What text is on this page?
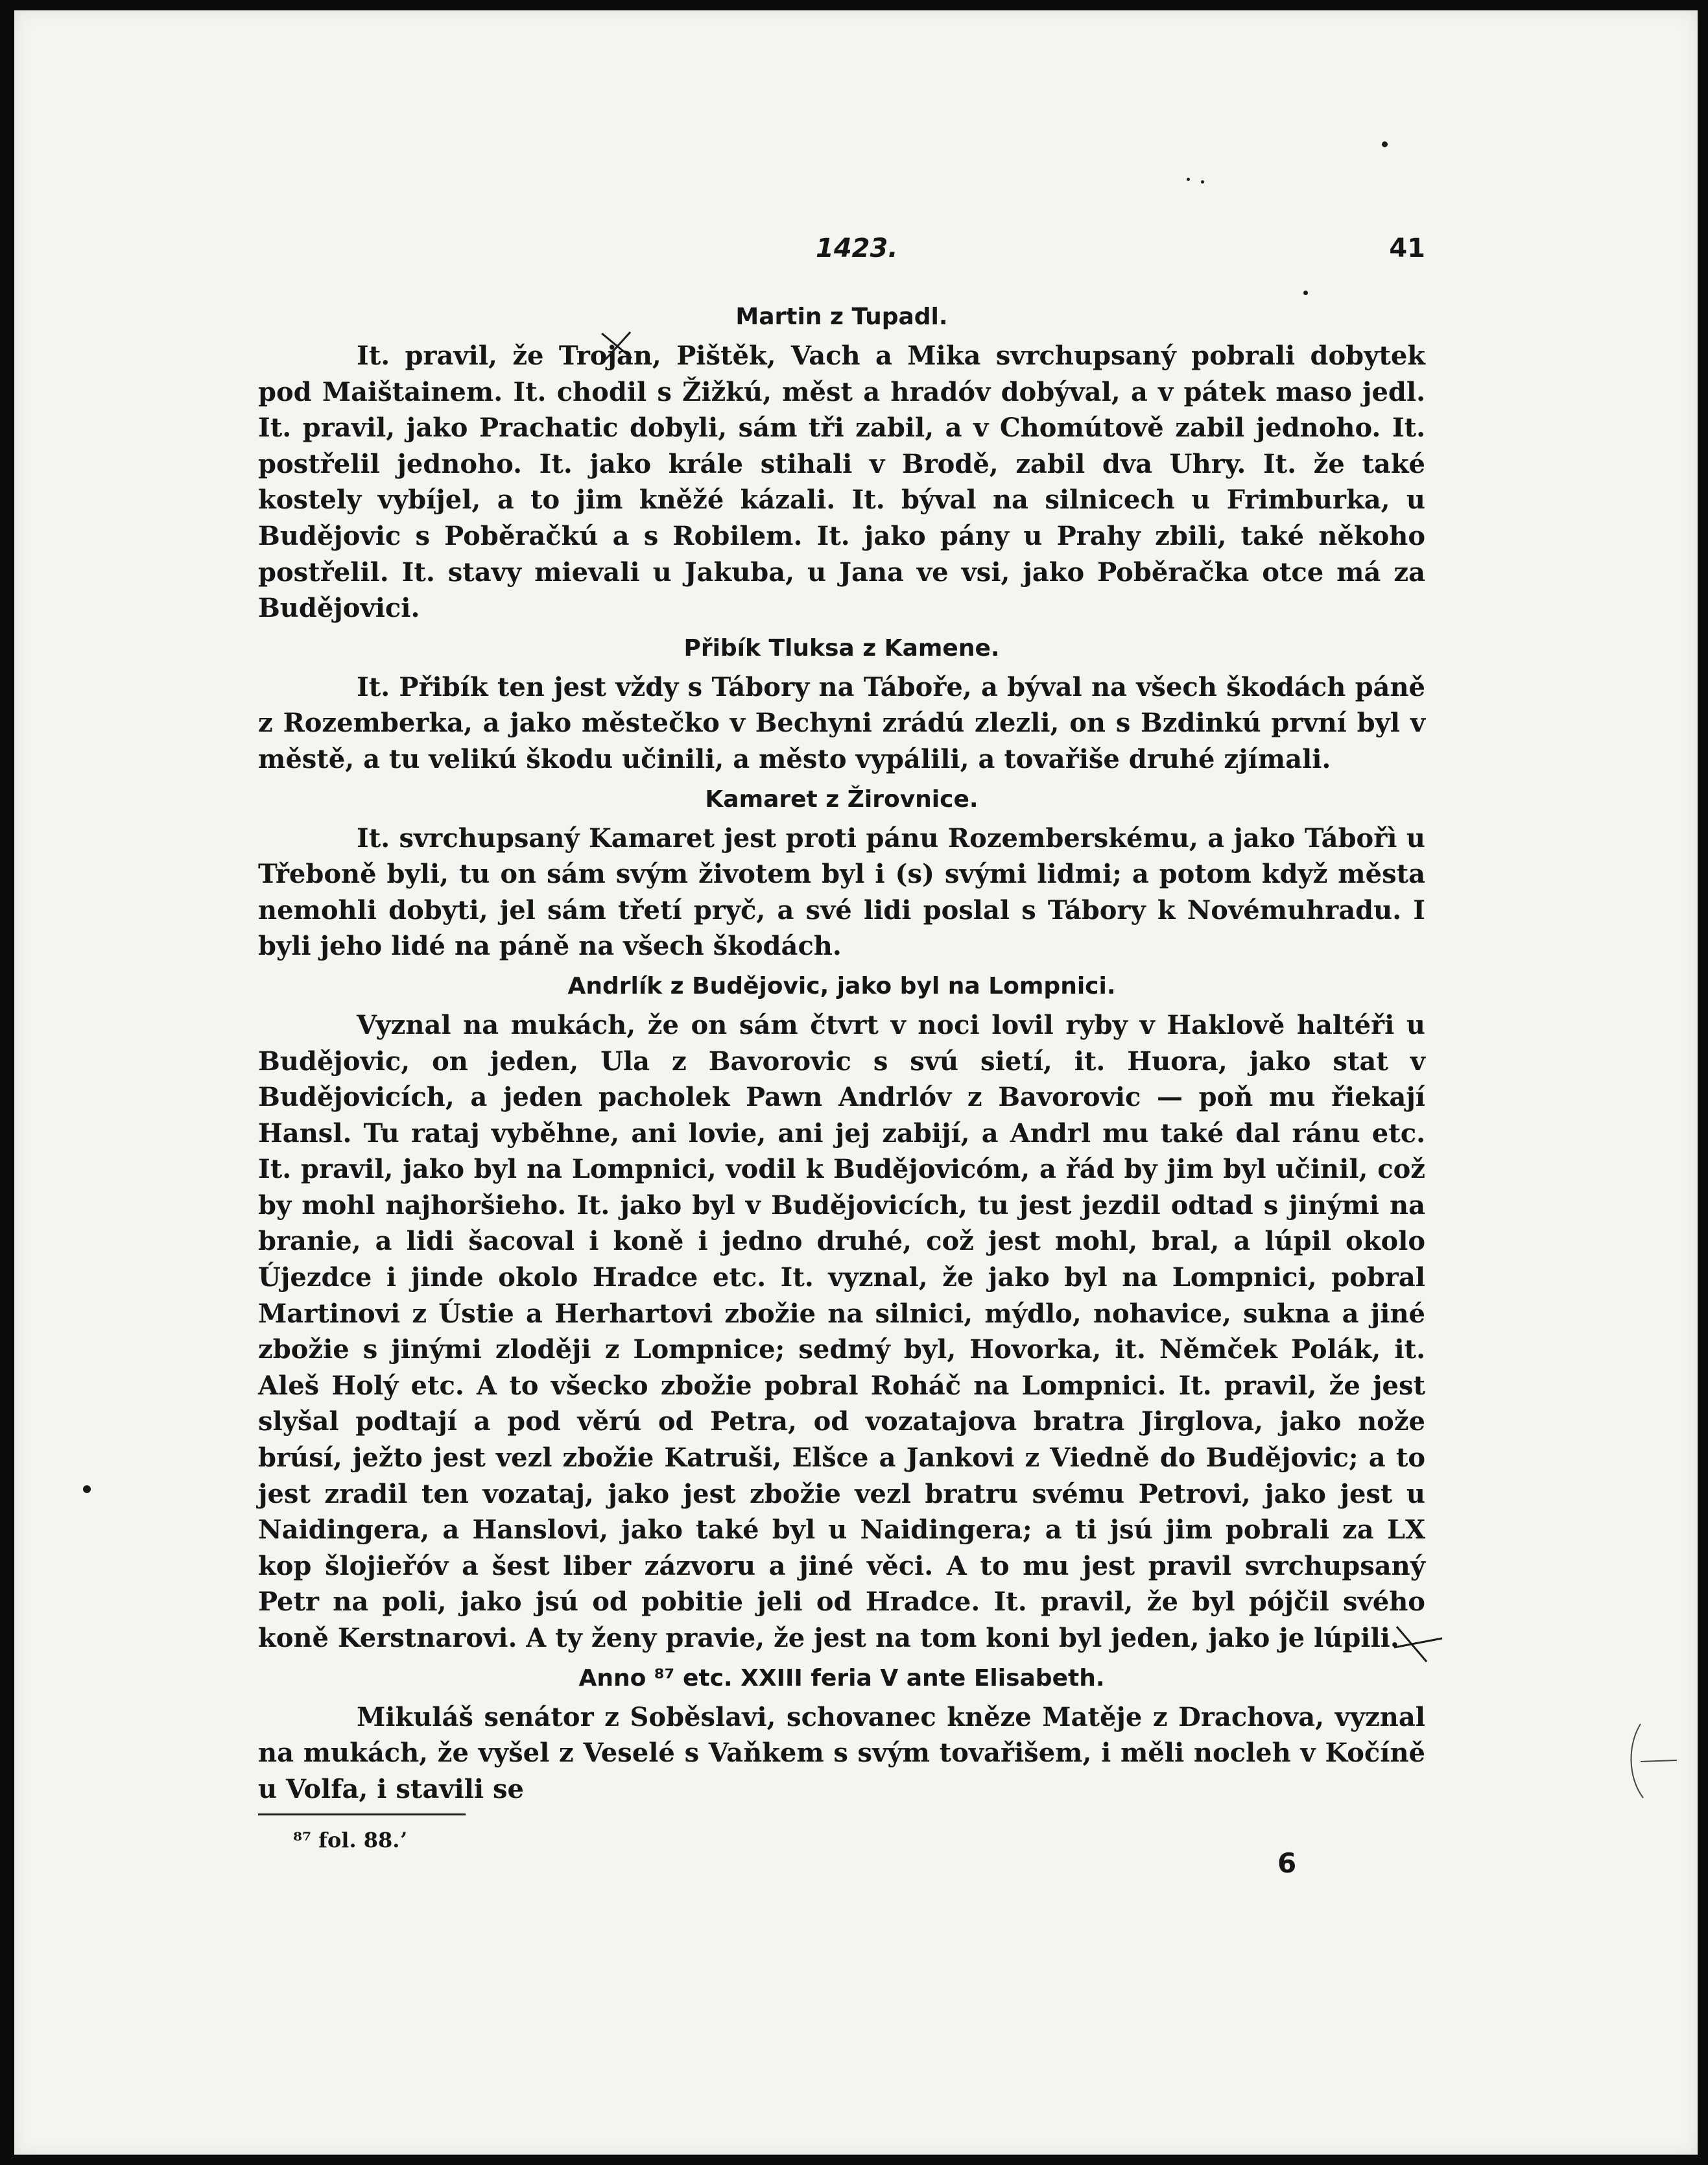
1423.	41
Martin z Tupadl.

It. pravil, že Trojan, Pištěk, Vach a Mika svrchupsaný pobrali dobytek pod Maištainem. It. chodil s Žižkú, měst a hradóv dobýval, a v pátek maso jedl. It. pravil, jako Prachatic dobyli, sám tři zabil, a v Chomútově zabil jednoho. It. postřelil jednoho. It. jako krále stihali v Brodě, zabil dva Uhry. It. že také kostely vybíjel, a to jim kněžé kázali. It. býval na silnicech u Frimburka, u Budějovic s Poběračkú a s Robilem. It. jako pány u Prahy zbili, také někoho postřelil. It. stavy mievali u Jakuba, u Jana ve vsi, jako Poběračka otce má za Budějovici.

Přibík Tluksa z Kamene.

It. Přibík ten jest vždy s Tábory na Táboře, a býval na všech škodách páně z Rozemberka, a jako městečko v Bechyni zrádú zlezli, on s Bzdinkú první byl v městě, a tu velikú škodu učinili, a město vypálili, a tovařiše druhé zjímali.

Kamaret z Žirovnice.

It. svrchupsaný Kamaret jest proti pánu Rozemberskému, a jako Tábořì u Třeboně byli, tu on sám svým životem byl i (s) svými lidmi; a potom když města nemohli dobyti, jel sám třetí pryč, a své lidi poslal s Tábory k Novémuhradu. I byli jeho lidé na páně na všech škodách.

Andrlík z Budějovic, jako byl na Lompnici.

Vyznal na mukách, že on sám čtvrt v noci lovil ryby v Haklově haltéři u Budějovic, on jeden, Ula z Bavorovic s svú sietí, it. Huora, jako stat v Budějovicích, a jeden pacholek Pawn Andrlóv z Bavorovic — poň mu řiekají Hansl. Tu rataj vyběhne, ani lovie, ani jej zabijí, a Andrl mu také dal ránu etc. It. pravil, jako byl na Lompnici, vodil k Budějovicóm, a řád by jim byl učinil, což by mohl najhoršieho. It. jako byl v Budějovicích, tu jest jezdil odtad s jinými na branie, a lidi šacoval i koně i jedno druhé, což jest mohl, bral, a lúpil okolo Újezdce i jinde okolo Hradce etc. It. vyznal, že jako byl na Lompnici, pobral Martinovi z Ústie a Herhartovi zbožie na silnici, mýdlo, nohavice, sukna a jiné zbožie s jinými zloději z Lompnice; sedmý byl, Hovorka, it. Němček Polák, it. Aleš Holý etc. A to všecko zbožie pobral Roháč na Lompnici. It. pravil, že jest slyšal podtají a pod věrú od Petra, od vozatajova bratra Jirglova, jako nože brúsí, ježto jest vezl zbožie Katruši, Elšce a Jankovi z Viedně do Budějovic; a to jest zradil ten vozataj, jako jest zbožie vezl bratru svému Petrovi, jako jest u Naidingera, a Hanslovi, jako také byl u Naidingera; a ti jsú jim pobrali za LX kop šlojieřóv a šest liber zázvoru a jiné věci. A to mu jest pravil svrchupsaný Petr na poli, jako jsú od pobitie jeli od Hradce. It. pravil, že byl pójčil svého koně Kerstnarovi. A ty ženy pravie, že jest na tom koni byl jeden, jako je lúpili.

Anno ⁸⁷ etc. XXIII feria V ante Elisabeth.

Mikuláš senátor z Soběslavi, schovanec kněze Matěje z Drachova, vyznal na mukách, že vyšel z Veselé s Vaňkem s svým tovařišem, i měli nocleh v Kočíně u Volfa, i stavili se

⁸⁷ fol. 88.ʼ
6
